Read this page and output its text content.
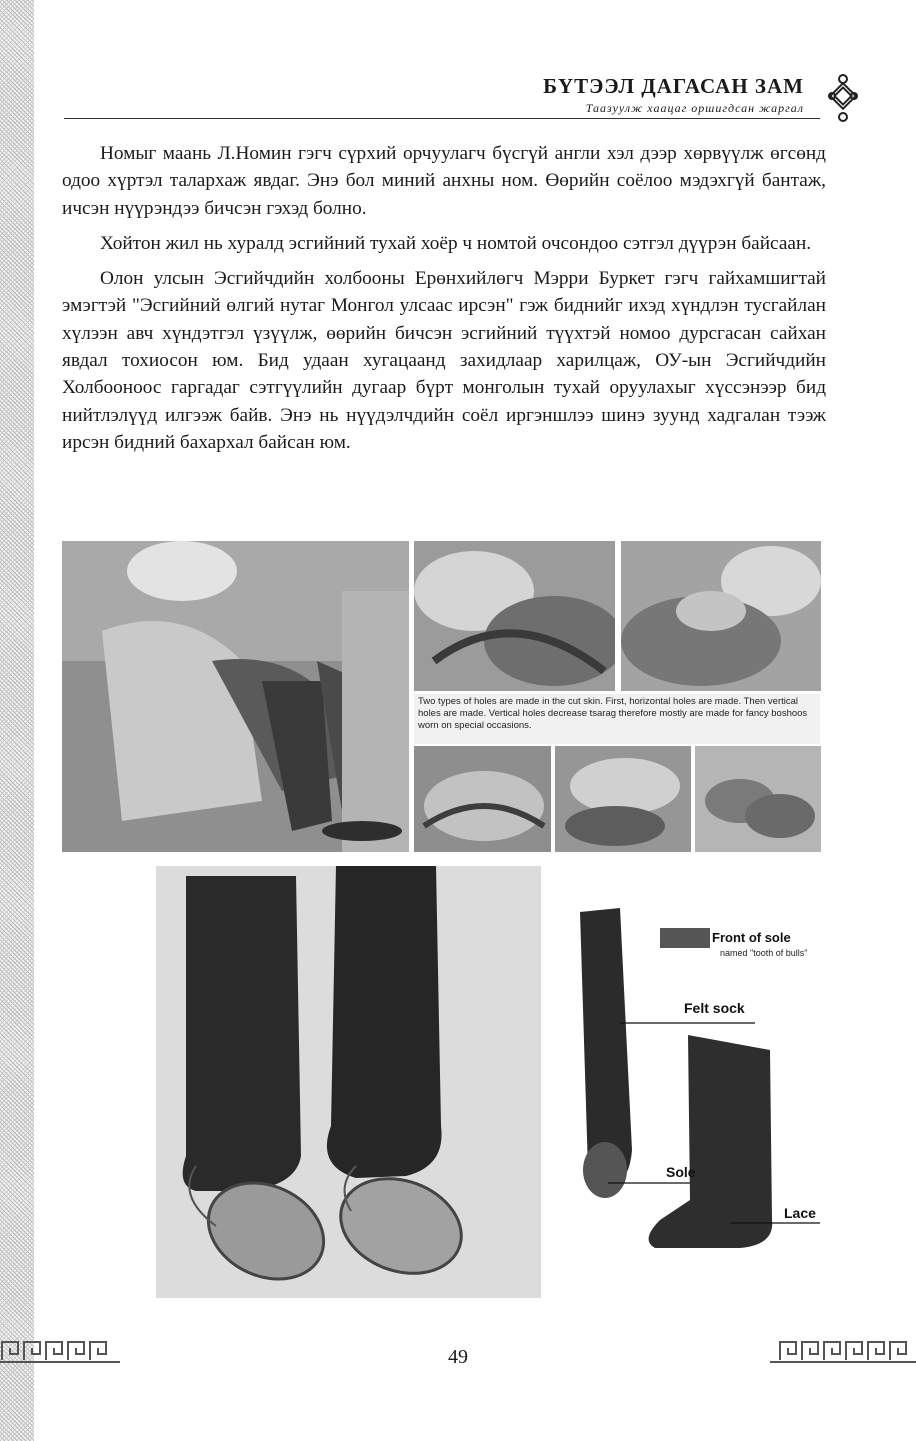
БҮТЭЭЛ ДАГАСАН ЗАМ
Таазуулж хаацаг оршигдсан жаргал

Номыг маань Л.Номин гэгч сүрхий орчуулагч бүсгүй англи хэл дээр хөрвүүлж өгсөнд одоо хүртэл талархаж явдаг. Энэ бол миний анхны ном. Өөрийн соёлоо мэдэхгүй бантаж, ичсэн нүүрэндээ бичсэн гэхэд болно.

Хойтон жил нь хуралд эсгийний тухай хоёр ч номтой очсондоо сэтгэл дүүрэн байсаан.

Олон улсын Эсгийчдийн холбооны Ерөнхийлөгч Мэрри Буркет гэгч гайхамшигтай эмэгтэй "Эсгийний өлгий нутаг Монгол улсаас ирсэн" гэж биднийг ихэд хүндлэн тусгайлан хүлээн авч хүндэтгэл үзүүлж, өөрийн бичсэн эсгийний түүхтэй номоо дурсгасан сайхан явдал тохиосон юм. Бид удаан хугацаанд захидлаар харилцаж, ОУ-ын Эсгийчдийн Холбоонoос гаргадаг сэтгүүлийн дугаар бүрт монголын тухай оруулахыг хүссэнээр бид нийтлэлүүд илгээж байв. Энэ нь нүүдэлчдийн соёл иргэншлээ шинэ зуунд хадгалан тээж ирсэн бидний бахархал байсан юм.

Two types of holes are made in the cut skin. First, horizontal holes are made. Then vertical holes are made. Vertical holes decrease tsarag therefore mostly are made for fancy boshoos worn on special occasions.
Front of sole
named "tooth of bulls"
Felt sock
Sole
Lace
49
